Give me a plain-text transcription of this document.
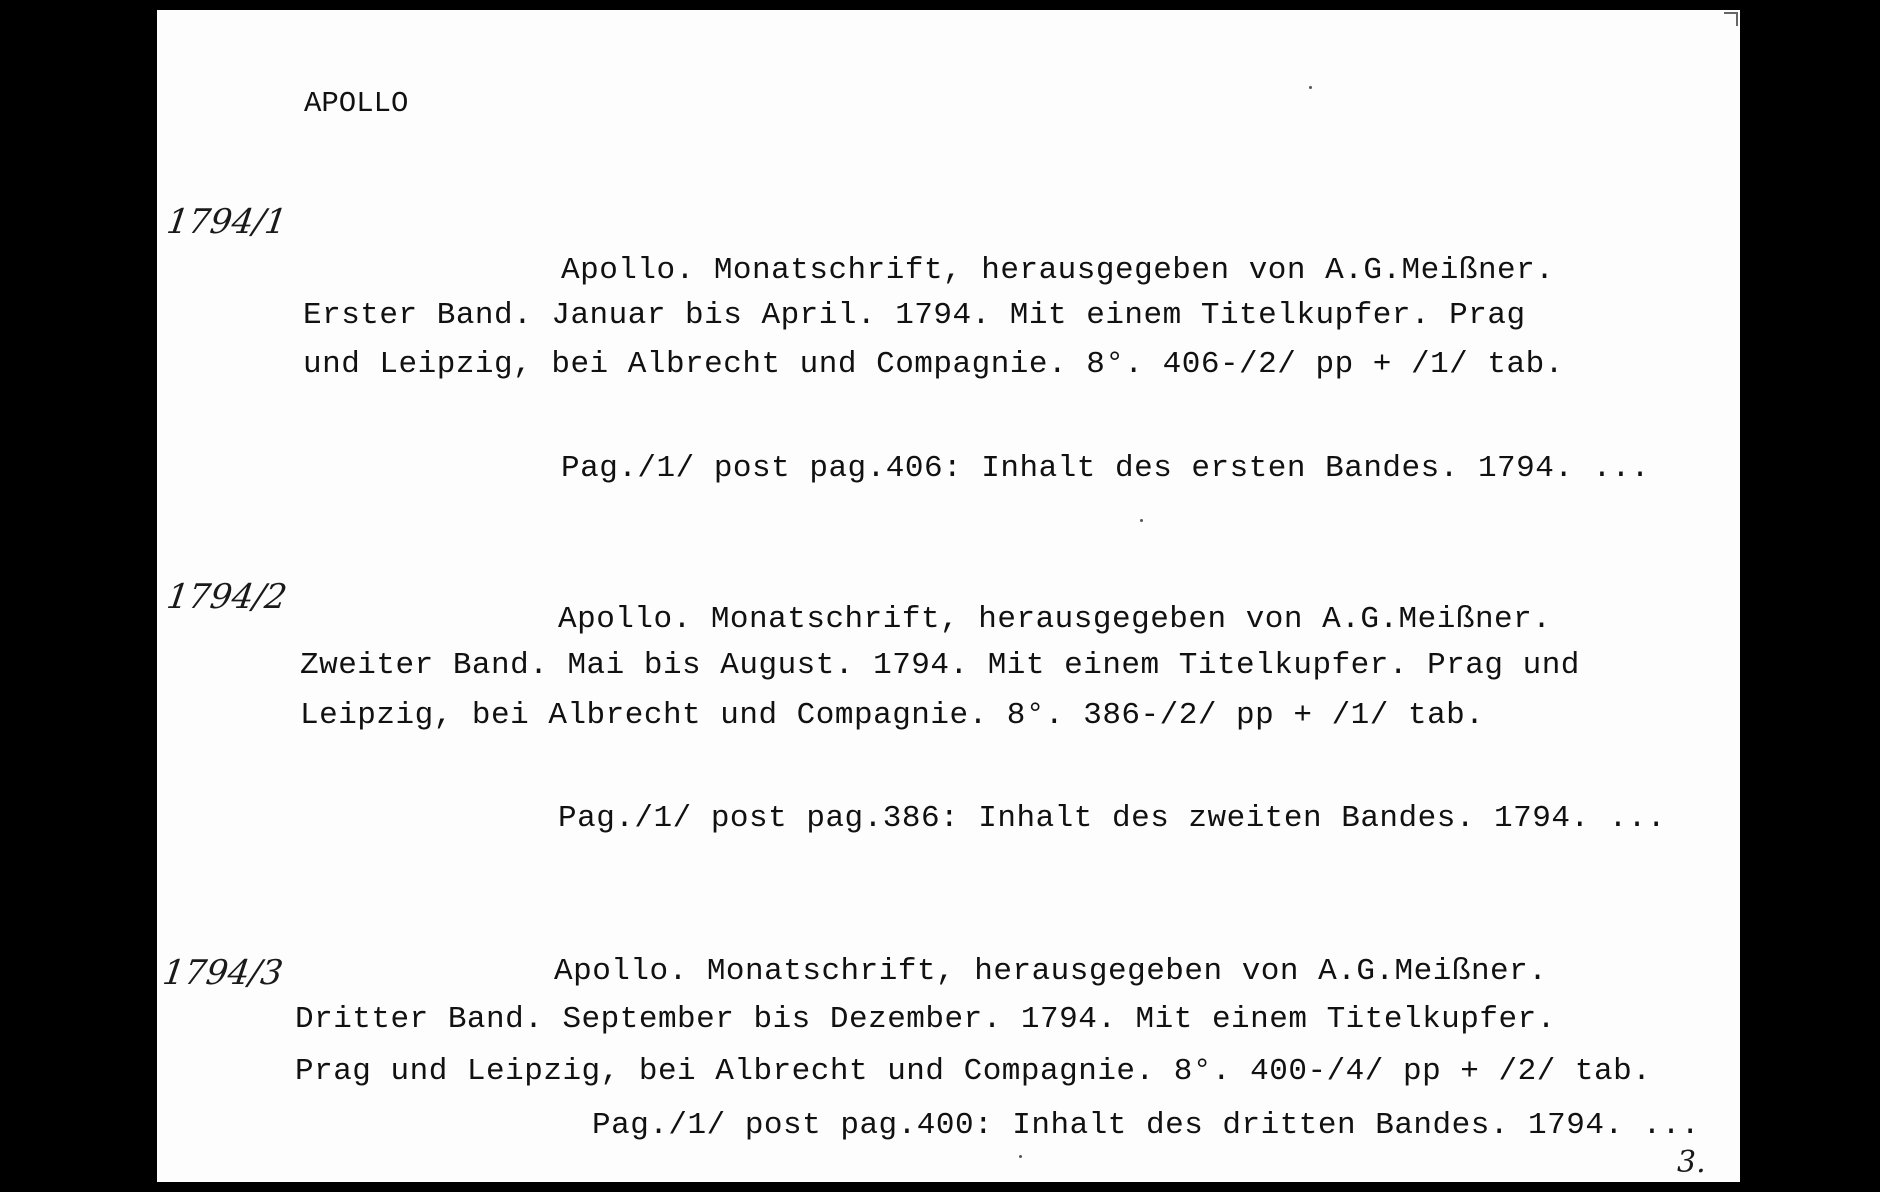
APOLLO
1794/1
Apollo. Monatschrift, herausgegeben von A.G.Meißner.
Erster Band. Januar bis April. 1794. Mit einem Titelkupfer. Prag
und Leipzig, bei Albrecht und Compagnie. 8°. 406-/2/ pp + /1/ tab.
Pag./1/ post pag.406: Inhalt des ersten Bandes. 1794. ...
1794/2
Apollo. Monatschrift, herausgegeben von A.G.Meißner.
Zweiter Band. Mai bis August. 1794. Mit einem Titelkupfer. Prag und
Leipzig, bei Albrecht und Compagnie. 8°. 386-/2/ pp + /1/ tab.
Pag./1/ post pag.386: Inhalt des zweiten Bandes. 1794. ...
1794/3	Apollo. Monatschrift, herausgegeben von A.G.Meißner.
Dritter Band. September bis Dezember. 1794. Mit einem Titelkupfer.
Prag und Leipzig, bei Albrecht und Compagnie. 8°. 400-/4/ pp + /2/ tab.
Pag./1/ post pag.400: Inhalt des dritten Bandes. 1794. ...
3.
